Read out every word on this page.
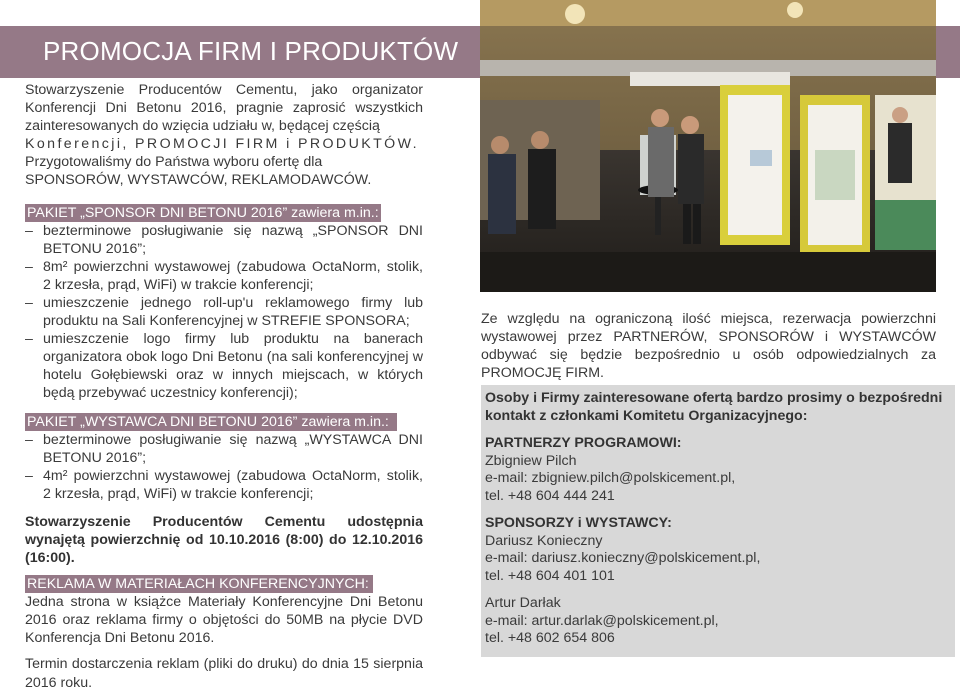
PROMOCJA FIRM I PRODUKTÓW

Stowarzyszenie Producentów Cementu, jako organizator Konferencji Dni Betonu 2016, pragnie zaprosić wszystkich zainteresowanych do wzięcia udziału w, będącej częścią

Konferencji, PROMOCJI FIRM i PRODUKTÓW.

Przygotowaliśmy do Państwa wyboru ofertę dla SPONSORÓW, WYSTAWCÓW, REKLAMODAWCÓW.

PAKIET „SPONSOR DNI BETONU 2016” zawiera m.in.:
– bezterminowe posługiwanie się nazwą „SPONSOR DNI BETONU 2016”;
– 8m² powierzchni wystawowej (zabudowa OctaNorm, stolik, 2 krzesła, prąd, WiFi) w trakcie konferencji;
– umieszczenie jednego roll-up'u reklamowego firmy lub produktu na Sali Konferencyjnej w STREFIE SPONSORA;
– umieszczenie logo firmy lub produktu na banerach organizatora obok logo Dni Betonu (na sali konferencyjnej w hotelu Gołębiewski oraz w innych miejscach, w których będą przebywać uczestnicy konferencji);
PAKIET „WYSTAWCA DNI BETONU 2016” zawiera m.in.:
– bezterminowe posługiwanie się nazwą „WYSTAWCA DNI BETONU 2016”;
– 4m² powierzchni wystawowej (zabudowa OctaNorm, stolik, 2 krzesła, prąd, WiFi) w trakcie konferencji;

Stowarzyszenie Producentów Cementu udostępnia wynajętą powierzchnię od 10.10.2016 (8:00) do 12.10.2016 (16:00).

REKLAMA W MATERIAŁACH KONFERENCYJNYCH:

Jedna strona w książce Materiały Konferencyjne Dni Betonu 2016 oraz reklama firmy o objętości do 50MB na płycie DVD Konferencja Dni Betonu 2016.

Termin dostarczenia reklam (pliki do druku) do dnia 15 sierpnia 2016 roku.

Ze względu na ograniczoną ilość miejsca, rezerwacja powierzchni wystawowej przez PARTNERÓW, SPONSORÓW i WYSTAWCÓW odbywać się będzie bezpośrednio u osób odpowiedzialnych za PROMOCJĘ FIRM.

Osoby i Firmy zainteresowane ofertą bardzo prosimy o bezpośredni kontakt z członkami Komitetu Organizacyjnego:

PARTNERZY PROGRAMOWI:

Zbigniew Pilch

e-mail: zbigniew.pilch@polskicement.pl,

tel. +48 604 444 241

SPONSORZY i WYSTAWCY:

Dariusz Konieczny

e-mail: dariusz.konieczny@polskicement.pl,

tel. +48 604 401 101

Artur Darłak

e-mail: artur.darlak@polskicement.pl,

tel. +48 602 654 806
